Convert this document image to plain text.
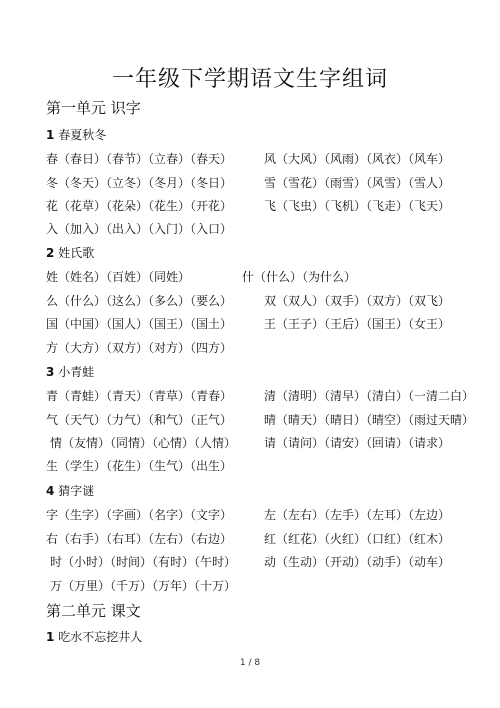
一年级下学期语文生字组词
第一单元 识字
1 春夏秋冬
春（春日）（春节）（立春）（春天）	风（大风）（风雨）（风衣）（风车）
冬（冬天）（立冬）（冬月）（冬日）	雪（雪花）（雨雪）（风雪）（雪人）
花（花草）（花朵）（花生）（开花）	飞（飞虫）（飞机）（飞走）（飞天）
入（加入）（出入）（入门）（入口）
2 姓氏歌
姓（姓名）（百姓）（同姓）	什（什么）（为什么）
么（什么）（这么）（多么）（要么）	双（双人）（双手）（双方）（双飞）
国（中国）（国人）（国王）（国土）	王（王子）（王后）（国王）（女王）
方（大方）（双方）（对方）（四方）
3 小青蛙
青（青蛙）（青天）（青草）（青春）	清（清明）（清早）（清白）（一清二白）
气（天气）（力气）（和气）（正气）	晴（晴天）（晴日）（晴空）（雨过天晴）
情（友情）（同情）（心情）（人情） 请（请问）（请安）（回请）（请求）
生（学生）（花生）（生气）（出生）
4 猜字谜
字（生字）（字画）（名字）（文字）	左（左右）（左手）（左耳）（左边）
右（右手）（右耳）（左右）（右边）	红（红花）（火红）（口红）（红木）
时（小时）（时间）（有时）（午时） 动（生动）（开动）（动手）（动车）
万（万里）（千万）（万年）（十万）
第二单元 课文
1 吃水不忘挖井人
1 / 8
